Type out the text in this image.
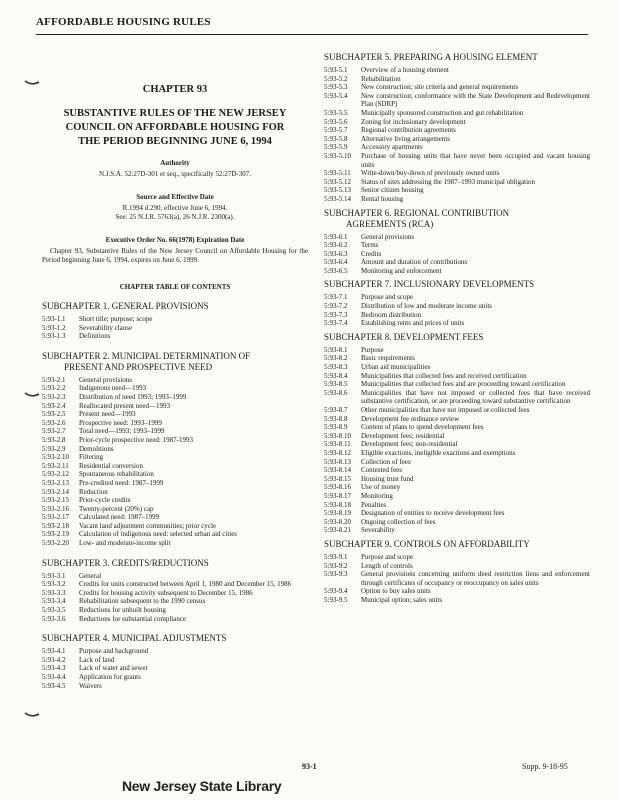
AFFORDABLE HOUSING RULES
CHAPTER 93
SUBSTANTIVE RULES OF THE NEW JERSEY
COUNCIL ON AFFORDABLE HOUSING FOR
THE PERIOD BEGINNING JUNE 6, 1994
Authority
N.J.S.A. 52:27D-301 et seq., specifically 52:27D-307.
Source and Effective Date
R.1994 d.290, effective June 6, 1994.
See: 25 N.J.R. 5763(a), 26 N.J.R. 2300(a).
Executive Order No. 66(1978) Expiration Date
Chapter 93, Substantive Rules of the New Jersey Council on Affordable Housing for the Period beginning June 6, 1994, expires on June 6, 1999.
CHAPTER TABLE OF CONTENTS
SUBCHAPTER 1. GENERAL PROVISIONS
5:93-1.1	Short title; purpose; scope
5:93-1.2	Severability clause
5:93-1.3	Definitions
SUBCHAPTER 2. MUNICIPAL DETERMINATION OF
PRESENT AND PROSPECTIVE NEED
5:93-2.1	General provisions
5:93-2.2	Indigenous need—1993
5:93-2.3	Distribution of need 1993; 1993–1999
5:93-2.4	Reallocated present need—1993
5:93-2.5	Present need—1993
5:93-2.6	Prospective need: 1993–1999
5:93-2.7	Total need—1993; 1993–1999
5:93-2.8	Prior-cycle prospective need: 1987-1993
5:93-2.9	Demolitions
5:93-2.10	Filtering
5:93-2.11	Residential conversion
5:93-2.12	Spontaneous rehabilitation
5:93-2.13	Pre-credited need: 1987–1999
5:93-2.14	Reduction
5:93-2.15	Prior-cycle credits
5:93-2.16	Twenty-percent (20%) cap
5:93-2.17	Calculated need: 1987–1999
5:93-2.18	Vacant land adjustment communities; prior cycle
5:93-2.19	Calculation of indigenous need: selected urban aid cities
5:93-2.20	Low- and moderate-income split
SUBCHAPTER 3. CREDITS/REDUCTIONS
5:93-3.1	General
5:93-3.2	Credits for units constructed between April 1, 1980 and December 15, 1986
5:93-3.3	Credits for housing activity subsequent to December 15, 1986
5:93-3.4	Rehabilitation subsequent to the 1990 census
5:93-3.5	Reductions for unbuilt housing
5:93-3.6	Reductions for substantial compliance
SUBCHAPTER 4. MUNICIPAL ADJUSTMENTS
5:93-4.1	Purpose and background
5:93-4.2	Lack of land
5:93-4.3	Lack of water and sewer
5:93-4.4	Application for grants
5:93-4.5	Waivers
SUBCHAPTER 5. PREPARING A HOUSING ELEMENT
5:93-5.1	Overview of a housing element
5:93-5.2	Rehabilitation
5:93-5.3	New construction; site criteria and general requirements
5:93-5.4	New construction; conformance with the State Development and Redevelopment Plan (SDRP)
5:93-5.5	Municipally sponsored construction and gut rehabilitation
5:93-5.6	Zoning for inclusionary development
5:93-5.7	Regional contribution agreements
5:93-5.8	Alternative living arrangements
5:93-5.9	Accessory apartments
5:93-5.10	Purchase of housing units that have never been occupied and vacant housing units
5:93-5.11	Write-down/buy-down of previously owned units
5:93-5.12	Status of sites addressing the 1987–1993 municipal obligation
5:93-5.13	Senior citizen housing
5:93-5.14	Rental housing
SUBCHAPTER 6. REGIONAL CONTRIBUTION
AGREEMENTS (RCA)
5:93-6.1	General provisions
5:93-6.2	Terms
5:93-6.3	Credits
5:93-6.4	Amount and duration of contributions
5:93-6.5	Monitoring and enforcement
SUBCHAPTER 7. INCLUSIONARY DEVELOPMENTS
5:93-7.1	Purpose and scope
5:93-7.2	Distribution of low and moderate income units
5:93-7.3	Bedroom distribution
5:93-7.4	Establishing rents and prices of units
SUBCHAPTER 8. DEVELOPMENT FEES
5:93-8.1	Purpose
5:93-8.2	Basic requirements
5:93-8.3	Urban aid municipalities
5:93-8.4	Municipalities that collected fees and received certification
5:93-8.5	Municipalities that collected fees and are proceeding toward certification
5:93-8.6	Municipalities that have not imposed or collected fees that have received substantive certification, or are proceeding toward substantive certification
5:93-8.7	Other municipalities that have not imposed or collected fees
5:93-8.8	Development fee ordinance review
5:93-8.9	Content of plans to spend development fees
5:93-8.10	Development fees; residential
5:93-8.11	Development fees; non-residential
5:93-8.12	Eligible exactions, ineligible exactions and exemptions
5:93-8.13	Collection of fees
5:93-8.14	Contested fees
5:93-8.15	Housing trust fund
5:93-8.16	Use of money
5:93-8.17	Monitoring
5:93-8.18	Penalties
5:93-8.19	Designation of entities to receive development fees
5:93-8.20	Ongoing collection of fees
5:93-8.21	Severability
SUBCHAPTER 9. CONTROLS ON AFFORDABILITY
5:93-9.1	Purpose and scope
5:93-9.2	Length of controls
5:93-9.3	General provisions concerning uniform deed restriction liens and enforcement through certificates of occupancy or reoccupancy on sales units
5:93-9.4	Option to buy sales units
5:93-9.5	Municipal option; sales units
New Jersey State Library
93-1	Supp. 9-18-95
